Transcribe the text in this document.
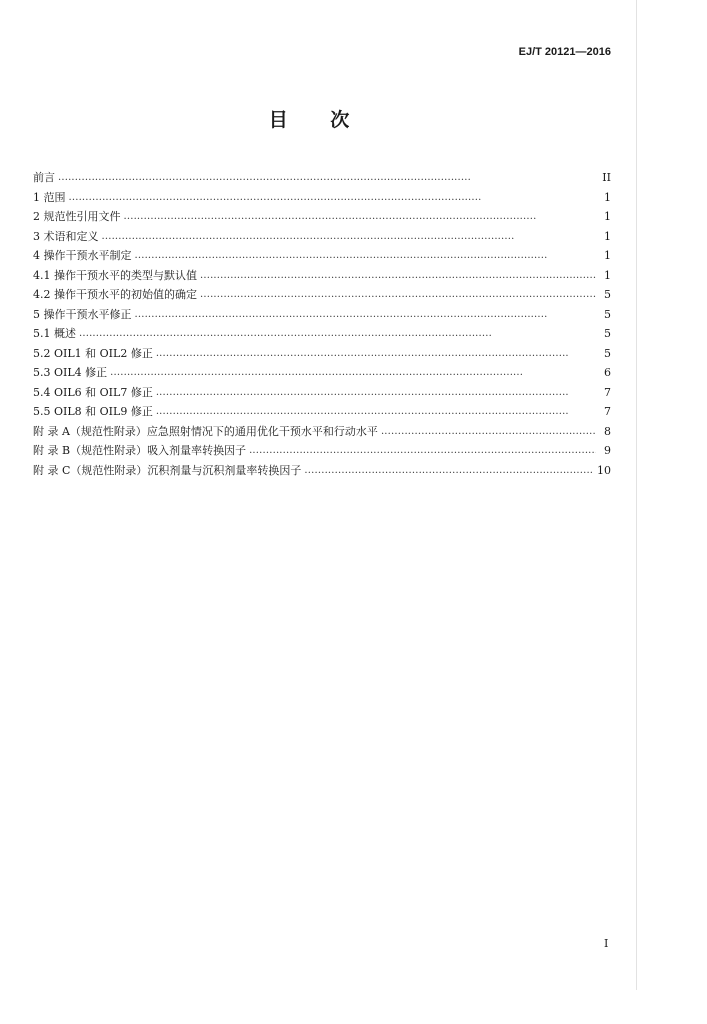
EJ/T 20121—2016
目 次
前言 . . .	II
1 范围 . . .	1
2 规范性引用文件 . . .	1
3 术语和定义 . . .	1
4 操作干预水平制定 . . .	1
4.1 操作干预水平的类型与默认值 . . .	1
4.2 操作干预水平的初始值的确定 . . .	5
5 操作干预水平修正 . . .	5
5.1 概述 . . .	5
5.2 OIL1 和 OIL2 修正 . . .	5
5.3 OIL4 修正 . . .	6
5.4 OIL6 和 OIL7 修正 . . .	7
5.5 OIL8 和 OIL9 修正 . . .	7
附 录 A（规范性附录）应急照射情况下的通用优化干预水平和行动水平 . . .	8
附 录 B（规范性附录）吸入剂量率转换因子 . . .	9
附 录 C（规范性附录）沉积剂量与沉积剂量率转换因子 . . .	10
I
